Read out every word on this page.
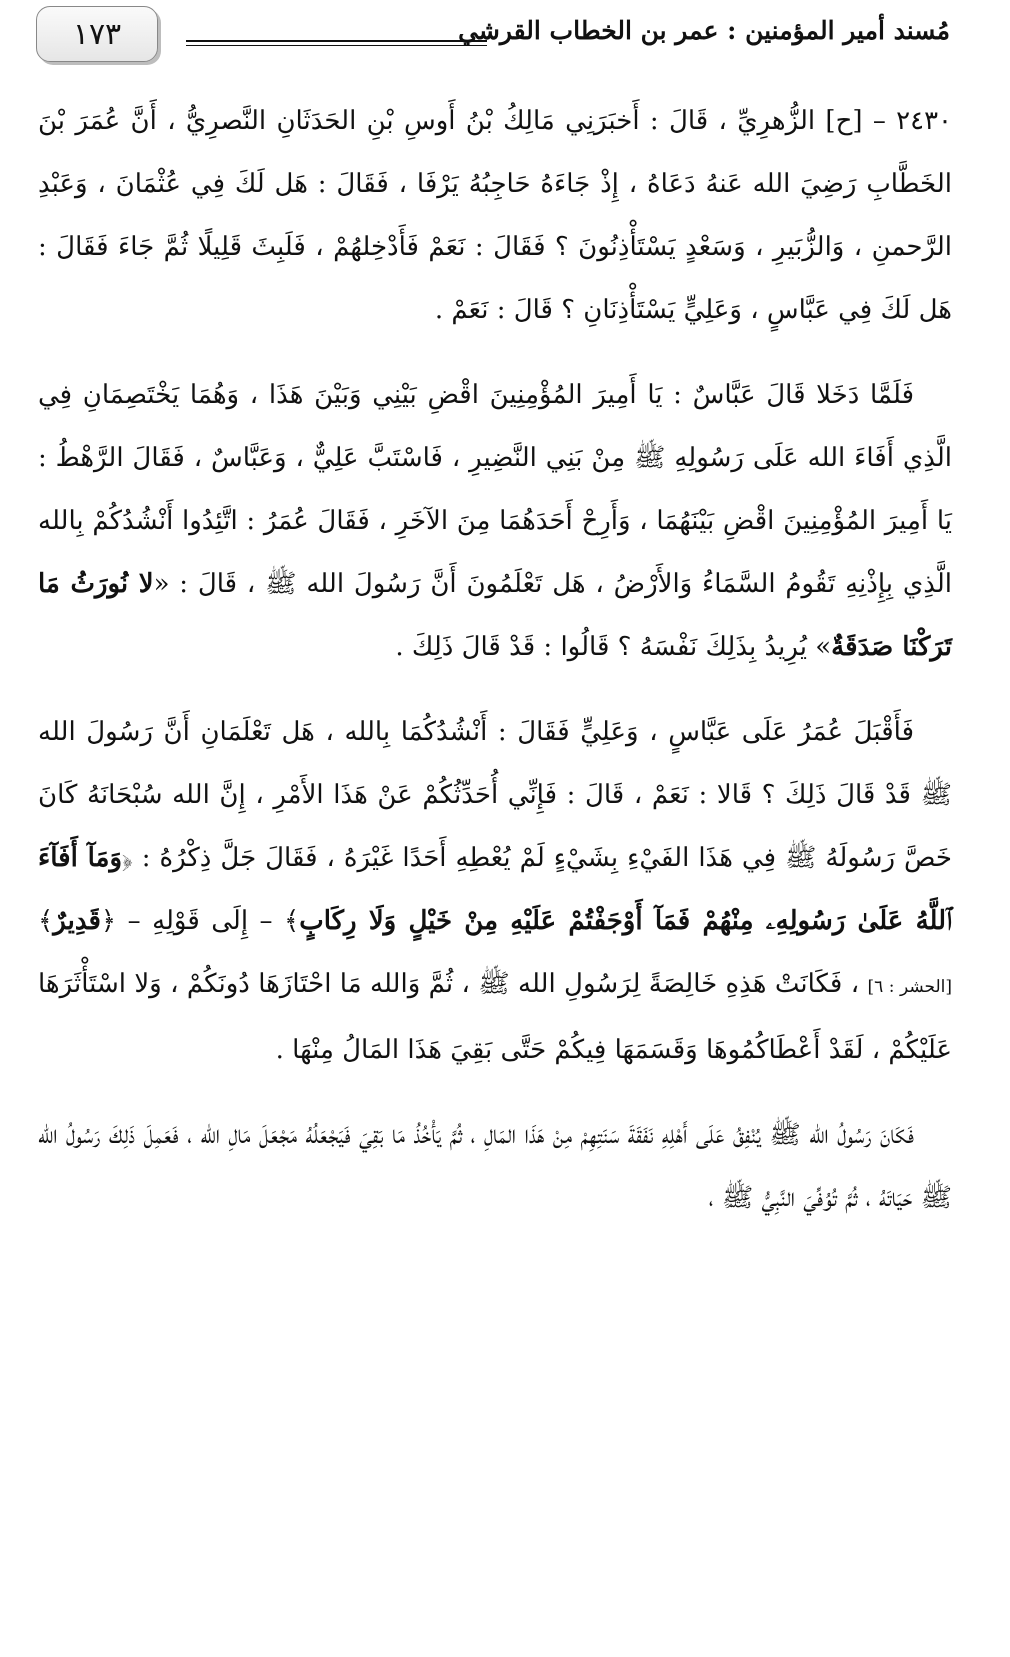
١٧٣	مُسند أمير المؤمنين : عمر بن الخطاب القرشي

٢٤٣٠ – [ح] الزُّهرِيِّ ، قَالَ : أَخبَرَنِي مَالِكُ بْنُ أَوسِ بْنِ الحَدَثَانِ النَّصرِيُّ ، أَنَّ عُمَرَ بْنَ الخَطَّابِ رَضِيَ الله عَنهُ دَعَاهُ ، إِذْ جَاءَهُ حَاجِبُهُ يَرْفَا ، فَقَالَ : هَل لَكَ فِي عُثْمَانَ ، وَعَبْدِ الرَّحمنِ ، وَالزُّبَيرِ ، وَسَعْدٍ يَسْتَأْذِنُونَ ؟ فَقَالَ : نَعَمْ فَأَدْخِلهُمْ ، فَلَبِثَ قَلِيلًا ثُمَّ جَاءَ فَقَالَ : هَل لَكَ فِي عَبَّاسٍ ، وَعَلِيٍّ يَسْتَأْذِنَانِ ؟ قَالَ : نَعَمْ .

فَلَمَّا دَخَلا قَالَ عَبَّاسٌ : يَا أَمِيرَ المُؤْمِنِينَ اقْضِ بَيْنِي وَبَيْنَ هَذَا ، وَهُمَا يَخْتَصِمَانِ فِي الَّذِي أَفَاءَ الله عَلَى رَسُولِهِ ﷺ مِنْ بَنِي النَّضِيرِ ، فَاسْتَبَّ عَلِيٌّ ، وَعَبَّاسٌ ، فَقَالَ الرَّهْطُ : يَا أَمِيرَ المُؤْمِنِينَ اقْضِ بَيْنَهُمَا ، وَأَرِحْ أَحَدَهُمَا مِنَ الآخَرِ ، فَقَالَ عُمَرُ : اتَّئِدُوا أَنْشُدُكُمْ بِالله الَّذِي بِإِذْنِهِ تَقُومُ السَّمَاءُ وَالأَرْضُ ، هَل تَعْلَمُونَ أَنَّ رَسُولَ الله ﷺ ، قَالَ : «لا نُورَثُ مَا تَرَكْنَا صَدَقَةٌ» يُرِيدُ بِذَلِكَ نَفْسَهُ ؟ قَالُوا : قَدْ قَالَ ذَلِكَ .

فَأَقْبَلَ عُمَرُ عَلَى عَبَّاسٍ ، وَعَلِيٍّ فَقَالَ : أَنْشُدُكُمَا بِالله ، هَل تَعْلَمَانِ أَنَّ رَسُولَ الله ﷺ قَدْ قَالَ ذَلِكَ ؟ قَالا : نَعَمْ ، قَالَ : فَإِنِّي أُحَدِّثُكُمْ عَنْ هَذَا الأَمْرِ ، إِنَّ الله سُبْحَانَهُ كَانَ خَصَّ رَسُولَهُ ﷺ فِي هَذَا الفَيْءِ بِشَيْءٍ لَمْ يُعْطِهِ أَحَدًا غَيْرَهُ ، فَقَالَ جَلَّ ذِكْرُهُ : ﴿وَمَآ أَفَآءَ ٱللَّهُ عَلَىٰ رَسُولِهِۦ مِنْهُمْ فَمَآ أَوْجَفْتُمْ عَلَيْهِ مِنْ خَيْلٍ وَلَا رِكَابٍ﴾ – إِلَى قَوْلِهِ – ﴿قَدِيرٌ﴾ [الحشر : ٦] ، فَكَانَتْ هَذِهِ خَالِصَةً لِرَسُولِ الله ﷺ ، ثُمَّ وَالله مَا احْتَازَهَا دُونَكُمْ ، وَلا اسْتَأْثَرَهَا عَلَيْكُمْ ، لَقَدْ أَعْطَاكُمُوهَا وَقَسَمَهَا فِيكُمْ حَتَّى بَقِيَ هَذَا المَالُ مِنْهَا .

فَكَانَ رَسُولُ الله ﷺ يُنْفِقُ عَلَى أَهْلِهِ نَفَقَةَ سَنَتِهِمْ مِنْ هَذَا المَالِ ، ثُمَّ يَأْخُذُ مَا بَقِيَ فَيَجْعَلُهُ مَجْعَلَ مَالِ الله ، فَعَمِلَ ذَلِكَ رَسُولُ الله ﷺ حَيَاتَهُ ، ثُمَّ تُوُفِّيَ النَّبِيُّ ﷺ ،
